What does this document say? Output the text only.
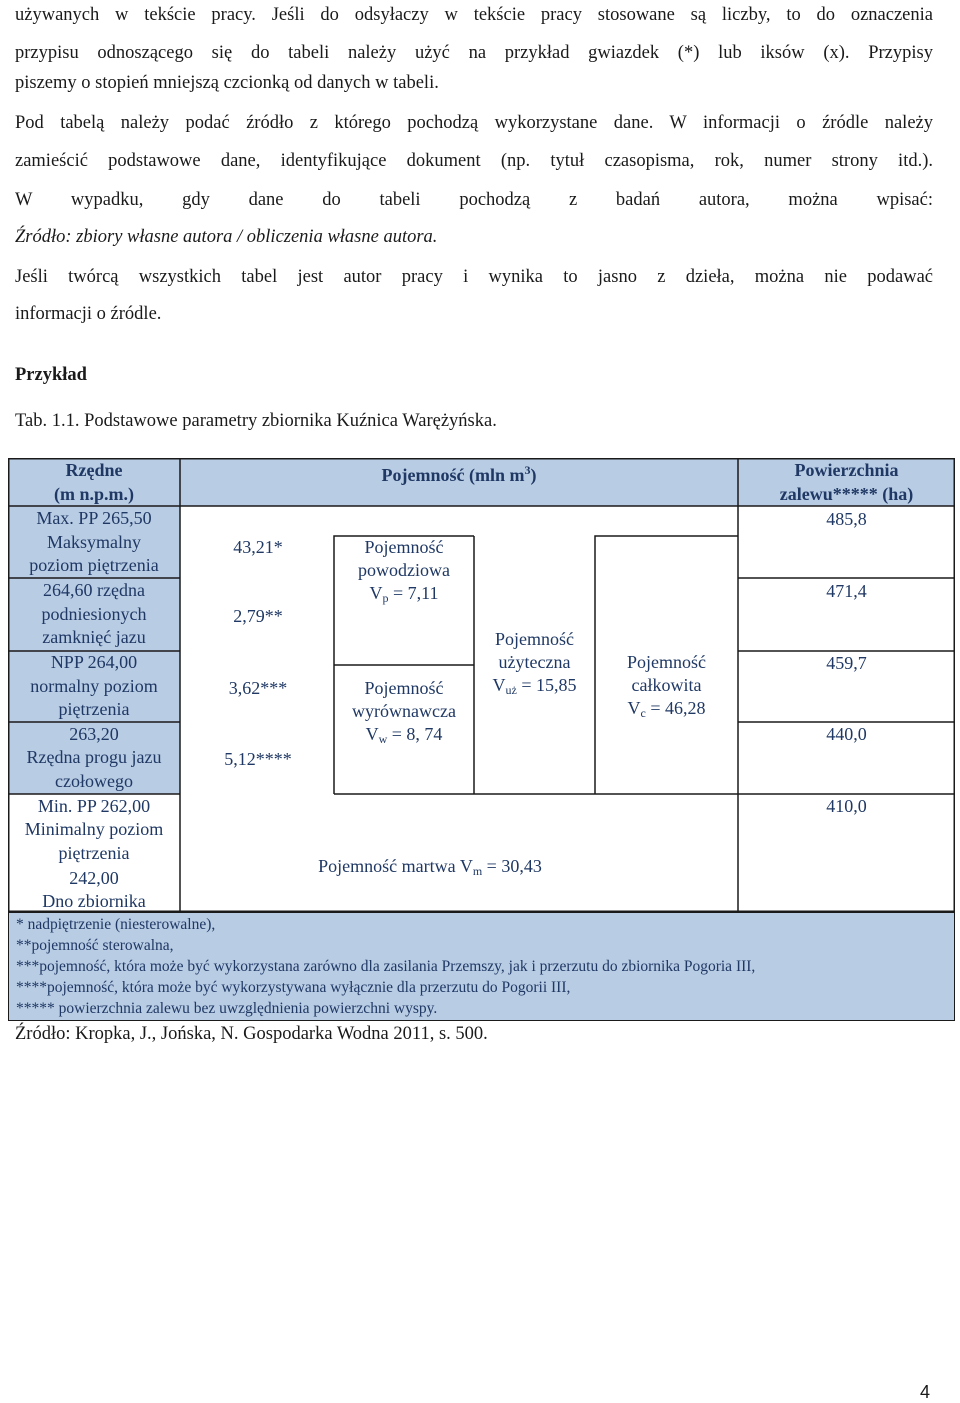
używanych w tekście pracy. Jeśli do odsyłaczy w tekście pracy stosowane są liczby, to do oznaczenia

przypisu odnoszącego się do tabeli należy użyć na przykład gwiazdek (*) lub iksów (x). Przypisy

piszemy o stopień mniejszą czcionką od danych w tabeli.

Pod tabelą należy podać źródło z którego pochodzą wykorzystane dane. W informacji o źródle należy

zamieścić podstawowe dane, identyfikujące dokument (np. tytuł czasopisma, rok, numer strony itd.).

W wypadku, gdy dane do tabeli pochodzą z badań autora, można wpisać:

Źródło: zbiory własne autora / obliczenia własne autora.

Jeśli twórcą wszystkich tabel jest autor pracy i wynika to jasno z dzieła, można nie podawać

informacji o źródle.
Przykład
Tab. 1.1. Podstawowe parametry zbiornika Kuźnica Warężyńska.
Rzędne
(m n.p.m.)
Pojemność (mln $m^3$)	Powierzchnia
zalewu***** (ha)
Max. PP 265,50
Maksymalny
poziom piętrzenia
264,60 rzędna
podniesionych
zamknięć jazu
NPP 264,00
normalny poziom
piętrzenia
263,20
Rzędna progu jazu
czołowego
Min. PP 262,00
Minimalny poziom
piętrzenia
242,00
Dno zbiornika
43,21*
2,79**
3,62***
5,12****
Pojemność
powodziowa
$V_p = 7,11$
Pojemność
wyrównawcza
$V_w = 8$, 74
Pojemność
użyteczna
$V_{uż} = 15,85$
Pojemność
całkowita
$V_c = 46,28$
Pojemność martwa $V_m = 30,43$
485,8
471,4
459,7
440,0
410,0
* nadpiętrzenie (niesterowalne),
**pojemność sterowalna,
***pojemność, która może być wykorzystana zarówno dla zasilania Przemszy, jak i przerzutu do zbiornika Pogoria III,
****pojemność, która może być wykorzystywana wyłącznie dla przerzutu do Pogorii III,
***** powierzchnia zalewu bez uwzględnienia powierzchni wyspy.
Źródło: Kropka, J., Jońska, N. Gospodarka Wodna 2011, s. 500.
4
